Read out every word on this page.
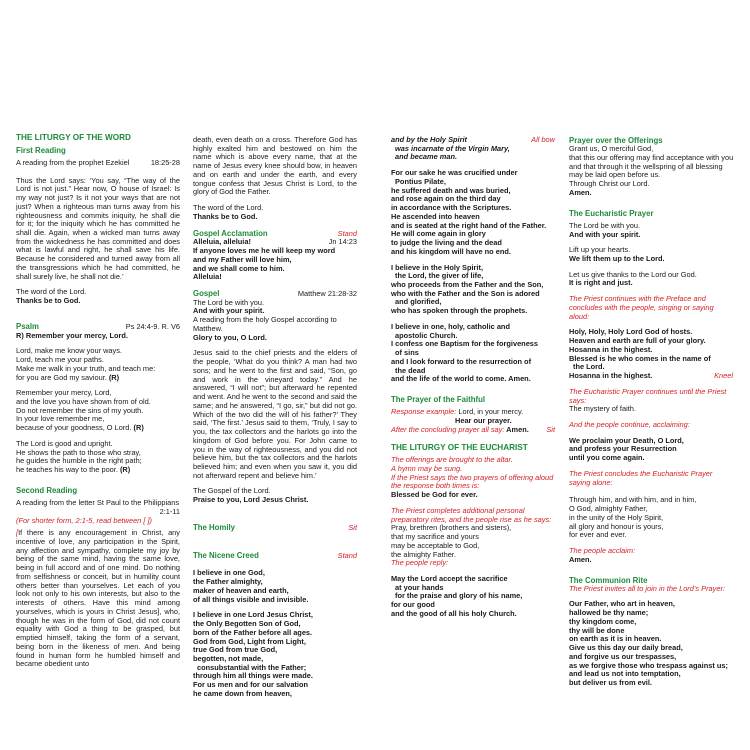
THE LITURGY OF THE WORD
First Reading
A reading from the prophet Ezekiel	18:25-28
Thus the Lord says: ‘You say, “The way of the Lord is not just.” Hear now, O house of Israel: Is my way not just? Is it not your ways that are not just? When a righteous man turns away from his righteousness and commits iniquity, he shall die for it; for the iniquity which he has committed he shall die. Again, when a wicked man turns away from the wickedness he has committed and does what is lawful and right, he shall save his life. Because he considered and turned away from all the transgressions which he had committed, he shall surely live, he shall not die.’
The word of the Lord.
Thanks be to God.
Psalm	Ps 24:4-9. R. V6
R) Remember your mercy, Lord.
Lord, make me know your ways.
Lord, teach me your paths.
Make me walk in your truth, and teach me:
for you are God my saviour. (R)
Remember your mercy, Lord,
and the love you have shown from of old.
Do not remember the sins of my youth.
In your love remember me,
because of your goodness, O Lord. (R)
The Lord is good and upright.
He shows the path to those who stray,
he guides the humble in the right path;
he teaches his way to the poor. (R)
Second Reading
A reading from the letter St Paul to the Philippians
2:1-11
(For shorter form, 2:1-5, read between [ ])
[If there is any encouragement in Christ, any incentive of love, any participation in the Spirit, any affection and sympathy, complete my joy by being of the same mind, having the same love, being in full accord and of one mind. Do nothing from selfishness or conceit, but in humility count others better than yourselves. Let each of you look not only to his own interests, but also to the interests of others. Have this mind among yourselves, which is yours in Christ Jesus], who, though he was in the form of God, did not count equality with God a thing to be grasped, but emptied himself, taking the form of a servant, being born in the likeness of men. And being found in human form he humbled himself and became obedient unto
death, even death on a cross. Therefore God has highly exalted him and bestowed on him the name which is above every name, that at the name of Jesus every knee should bow, in heaven and on earth and under the earth, and every tongue confess that Jesus Christ is Lord, to the glory of God the Father.
The word of the Lord.
Thanks be to God.
Gospel Acclamation	Stand
Alleluia, alleluia!	Jn 14:23
If anyone loves me he will keep my word
and my Father will love him,
and we shall come to him.
Alleluia!
Gospel	Matthew 21:28-32
The Lord be with you.
And with your spirit.
A reading from the holy Gospel according to Matthew.
Glory to you, O Lord.
Jesus said to the chief priests and the elders of the people, ‘What do you think? A man had two sons; and he went to the first and said, “Son, go and work in the vineyard today.” And he answered, “I will not”; but afterward he repented and went. And he went to the second and said the same; and he answered, “I go, sir,” but did not go. Which of the two did the will of his father?’ They said, ‘The first.’ Jesus said to them, ‘Truly, I say to you, the tax collectors and the harlots go into the kingdom of God before you. For John came to you in the way of righteousness, and you did not believe him, but the tax collectors and the harlots believed him; and even when you saw it, you did not afterward repent and believe him.’
The Gospel of the Lord.
Praise to you, Lord Jesus Christ.
The Homily	Sit
The Nicene Creed	Stand
I believe in one God,
the Father almighty,
maker of heaven and earth,
of all things visible and invisible.
I believe in one Lord Jesus Christ,
the Only Begotten Son of God,
born of the Father before all ages.
God from God, Light from Light,
true God from true God,
begotten, not made,
consubstantial with the Father;
through him all things were made.
For us men and for our salvation
he came down from heaven,
and by the Holy Spirit	All bow
was incarnate of the Virgin Mary,
and became man.
For our sake he was crucified under
Pontius Pilate,
he suffered death and was buried,
and rose again on the third day
in accordance with the Scriptures.
He ascended into heaven
and is seated at the right hand of the Father.
He will come again in glory
to judge the living and the dead
and his kingdom will have no end.
I believe in the Holy Spirit,
the Lord, the giver of life,
who proceeds from the Father and the Son,
who with the Father and the Son is adored
and glorified,
who has spoken through the prophets.
I believe in one, holy, catholic and
apostolic Church.
I confess one Baptism for the forgiveness
of sins
and I look forward to the resurrection of
the dead
and the life of the world to come. Amen.
The Prayer of the Faithful
Response example: Lord, in your mercy.
Hear our prayer.
After the concluding prayer all say: Amen. Sit
THE LITURGY OF THE EUCHARIST
The offerings are brought to the altar.
A hymn may be sung.
If the Priest says the two prayers of offering aloud the response both times is:
Blessed be God for ever.
The Priest completes additional personal preparatory rites, and the people rise as he says:
Pray, brethren (brothers and sisters),
that my sacrifice and yours
may be acceptable to God,
the almighty Father.
The people reply:
May the Lord accept the sacrifice
at your hands
for the praise and glory of his name,
for our good
and the good of all his holy Church.
Prayer over the Offerings
Grant us, O merciful God,
that this our offering may find acceptance with you
and that through it the wellspring of all blessing
may be laid open before us.
Through Christ our Lord.
Amen.
The Eucharistic Prayer
The Lord be with you.
And with your spirit.
Lift up your hearts.
We lift them up to the Lord.
Let us give thanks to the Lord our God.
It is right and just.
The Priest continues with the Preface and concludes with the people, singing or saying aloud:
Holy, Holy, Holy Lord God of hosts.
Heaven and earth are full of your glory.
Hosanna in the highest.
Blessed is he who comes in the name of
the Lord.
Hosanna in the highest.	Kneel
The Eucharistic Prayer continues until the Priest says:
The mystery of faith.
And the people continue, acclaiming:
We proclaim your Death, O Lord,
and profess your Resurrection
until you come again.
The Priest concludes the Eucharistic Prayer saying alone:
Through him, and with him, and in him,
O God, almighty Father,
in the unity of the Holy Spirit,
all glory and honour is yours,
for ever and ever.
The people acclaim:
Amen.
The Communion Rite
The Priest invites all to join in the Lord’s Prayer:
Our Father, who art in heaven,
hallowed be thy name;
thy kingdom come,
thy will be done
on earth as it is in heaven.
Give us this day our daily bread,
and forgive us our trespasses,
as we forgive those who trespass against us;
and lead us not into temptation,
but deliver us from evil.
